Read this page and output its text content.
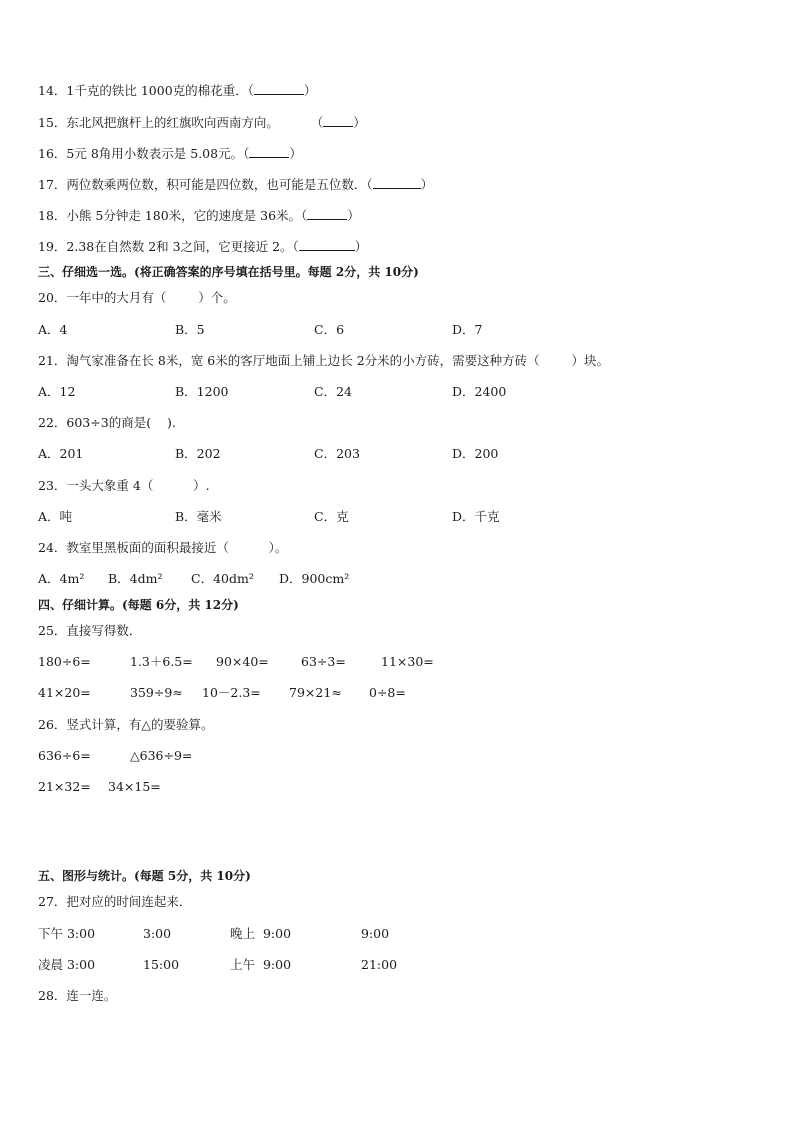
14．1千克的铁比 1000克的棉花重．（	）
15．东北风把旗杆上的红旗吹向西南方向。        （ ）
16．5元 8角用小数表示是 5.08元。（	）
17．两位数乘两位数，积可能是四位数，也可能是五位数．（	）
18．小熊 5分钟走 180米，它的速度是 36米。（	）
19．2.38在自然数 2和 3之间，它更接近 2。（	）
三、仔细选一选。(将正确答案的序号填在括号里。每题 2分，共 10分)
20．一年中的大月有（        ）个。
A．4	B．5	C．6	D．7
21．淘气家准备在长 8米，宽 6米的客厅地面上铺上边长 2分米的小方砖，需要这种方砖（        ）块。
A．12	B．1200	C．24	D．2400
22．603÷3的商是(    ).
A．201	B．202	C．203	D．200
23．一头大象重 4（          ）.
A．吨	B．毫米	C．克	D．千克
24．教室里黑板面的面积最接近（          ）。
A．4m² B．4dm² C．40dm² D．900cm²
四、仔细计算。(每题 6分，共 12分)
25．直接写得数．
180÷6=	1.3＋6.5= 90×40=	63÷3=	11×30=
41×20=	359÷9≈ 10－2.3= 79×21≈ 0÷8=
26．竖式计算，有△的要验算。
636÷6=	△636÷9=
21×32= 34×15=
五、图形与统计。(每题 5分，共 10分)
27．把对应的时间连起来．
下午 3:00	3:00	晚上  9:00	9:00
凌晨 3:00	15:00	上午  9:00	21:00
28．连一连。
